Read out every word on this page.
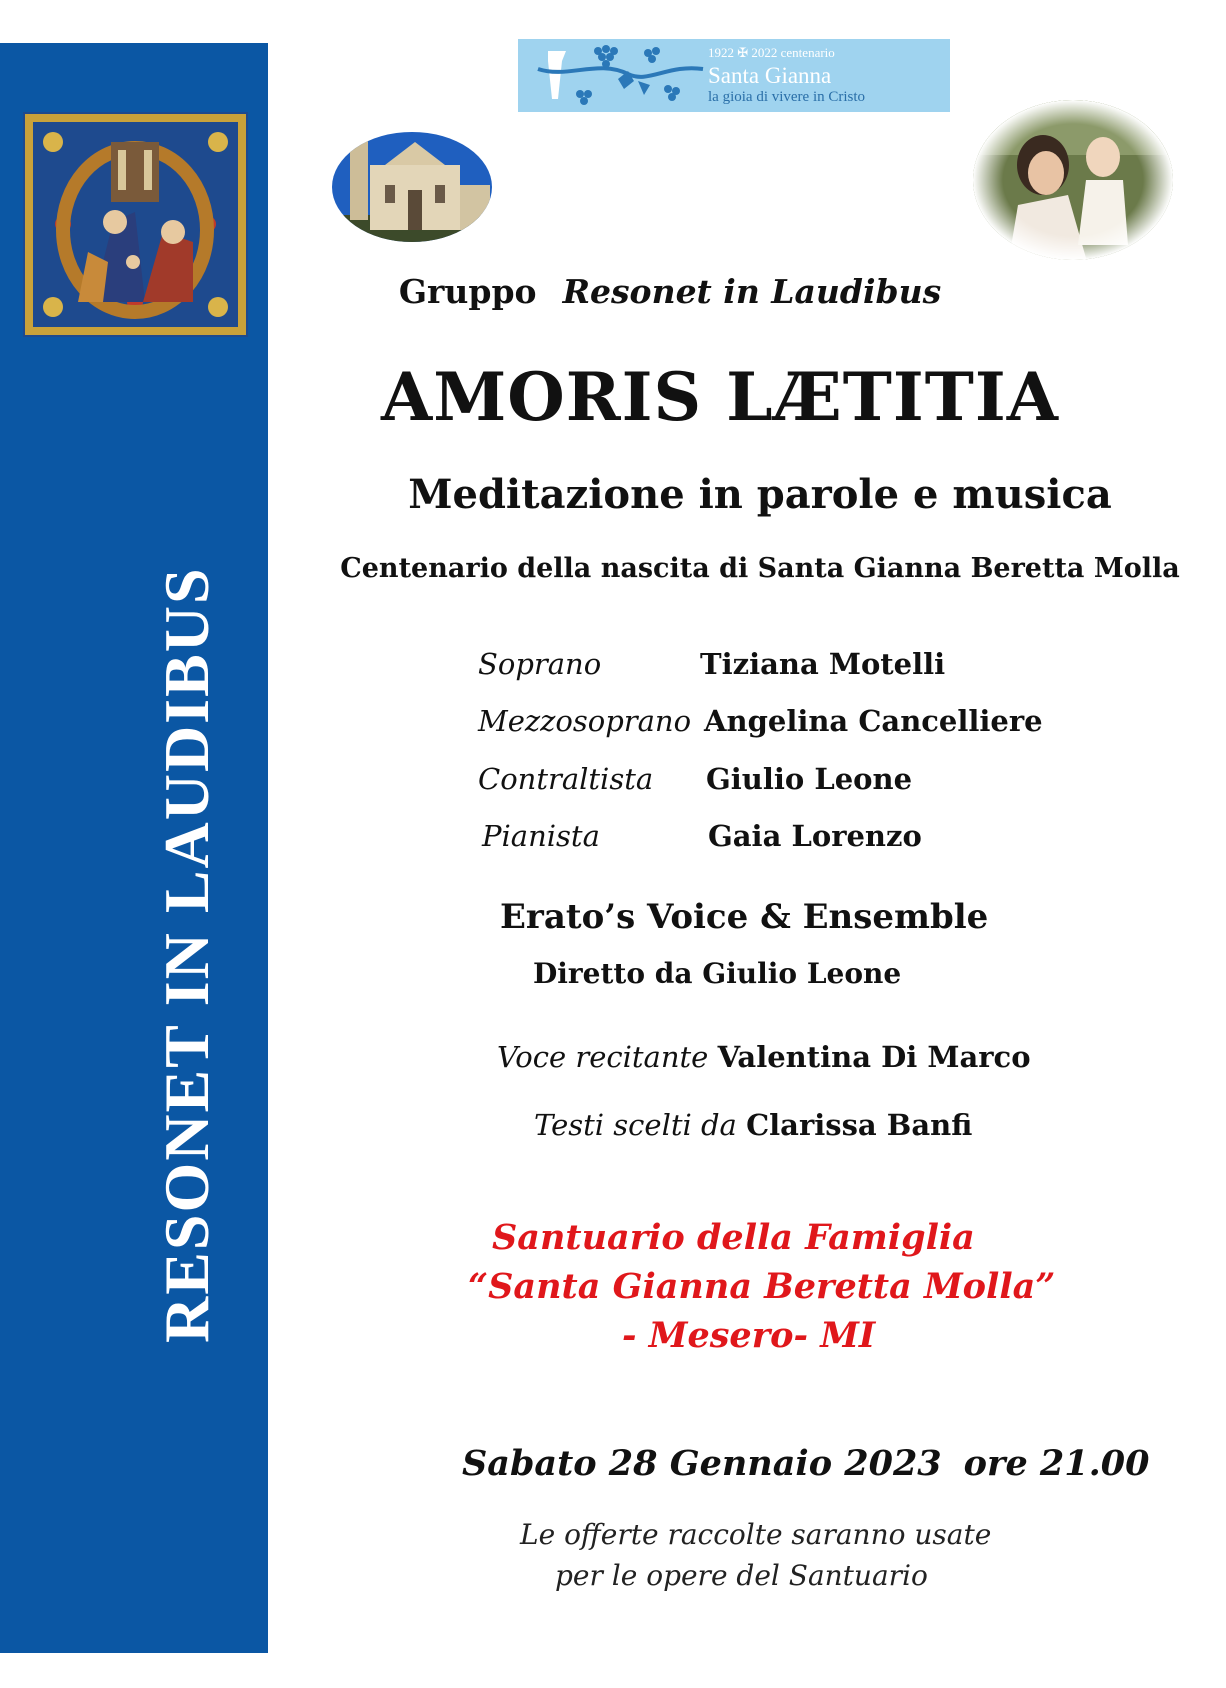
RESONET IN LAUDIBUS
1922 ✠ 2022 centenario
Santa Gianna
la gioia di vivere in Cristo
Gruppo Resonet in Laudibus
AMORIS LÆTITIA
Meditazione in parole e musica
Centenario della nascita di Santa Gianna Beretta Molla
Soprano	Tiziana Motelli
Mezzosoprano Angelina Cancelliere
Contraltista Giulio Leone
Pianista	Gaia Lorenzo
Erato’s Voice & Ensemble
Diretto da Giulio Leone
Voce recitante Valentina Di Marco
Testi scelti da Clarissa Banfi
Santuario della Famiglia
“Santa Gianna Beretta Molla”
- Mesero- MI
Sabato 28 Gennaio 2023 ore 21.00
Le offerte raccolte saranno usate
per le opere del Santuario
